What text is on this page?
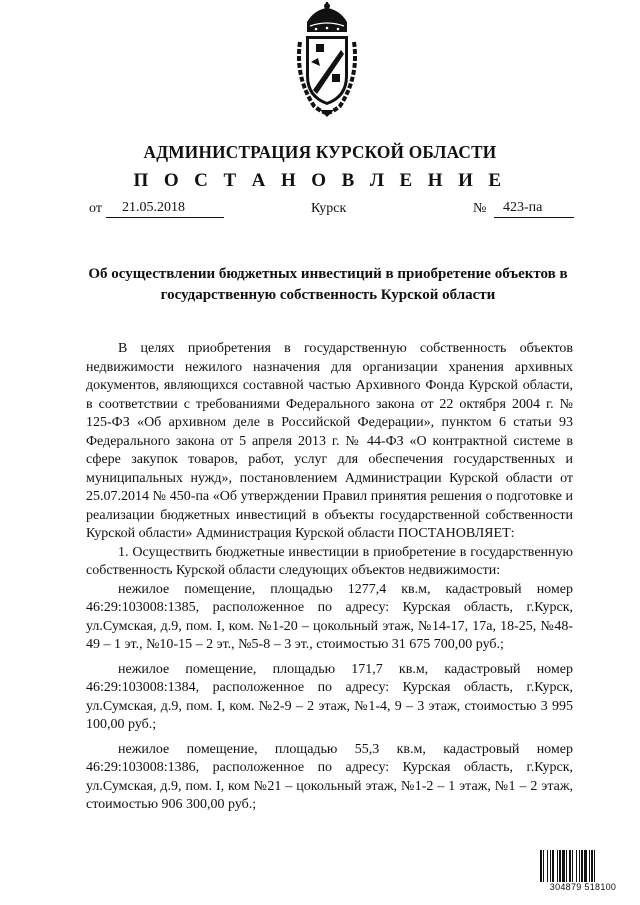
АДМИНИСТРАЦИЯ КУРСКОЙ ОБЛАСТИ
П О С Т А Н О В Л Е Н И Е
от 21.05.2018	Курск	№ 423-па
Об осуществлении бюджетных инвестиций в приобретение объектов в
государственную собственность Курской области

В целях приобретения в государственную собственность объектов недвижимости нежилого назначения для организации хранения архивных документов, являющихся составной частью Архивного Фонда Курской области, в соответствии с требованиями Федерального закона от 22 октября 2004 г. № 125-ФЗ «Об архивном деле в Российской Федерации», пунктом 6 статьи 93 Федерального закона от 5 апреля 2013 г. № 44-ФЗ «О контрактной системе в сфере закупок товаров, работ, услуг для обеспечения государственных и муниципальных нужд», постановлением Администрации Курской области от 25.07.2014 № 450-па «Об утверждении Правил принятия решения о подготовке и реализации бюджетных инвестиций в объекты государственной собственности Курской области» Администрация Курской области ПОСТАНОВЛЯЕТ:

1. Осуществить бюджетные инвестиции в приобретение в государственную собственность Курской области следующих объектов недвижимости:

нежилое помещение, площадью 1277,4 кв.м, кадастровый номер 46:29:103008:1385, расположенное по адресу: Курская область, г.Курск, ул.Сумская, д.9, пом. I, ком. №1-20 – цокольный этаж, №14-17, 17а, 18-25, №48-49 – 1 эт., №10-15 – 2 эт., №5-8 – 3 эт., стоимостью 31 675 700,00 руб.;

нежилое помещение, площадью 171,7 кв.м, кадастровый номер 46:29:103008:1384, расположенное по адресу: Курская область, г.Курск, ул.Сумская, д.9, пом. I, ком. №2-9 – 2 этаж, №1-4, 9 – 3 этаж, стоимостью 3 995 100,00 руб.;

нежилое помещение, площадью 55,3 кв.м, кадастровый номер 46:29:103008:1386, расположенное по адресу: Курская область, г.Курск, ул.Сумская, д.9, пом. I, ком №21 – цокольный этаж, №1-2 – 1 этаж, №1 – 2 этаж, стоимостью 906 300,00 руб.;

304879 518100
